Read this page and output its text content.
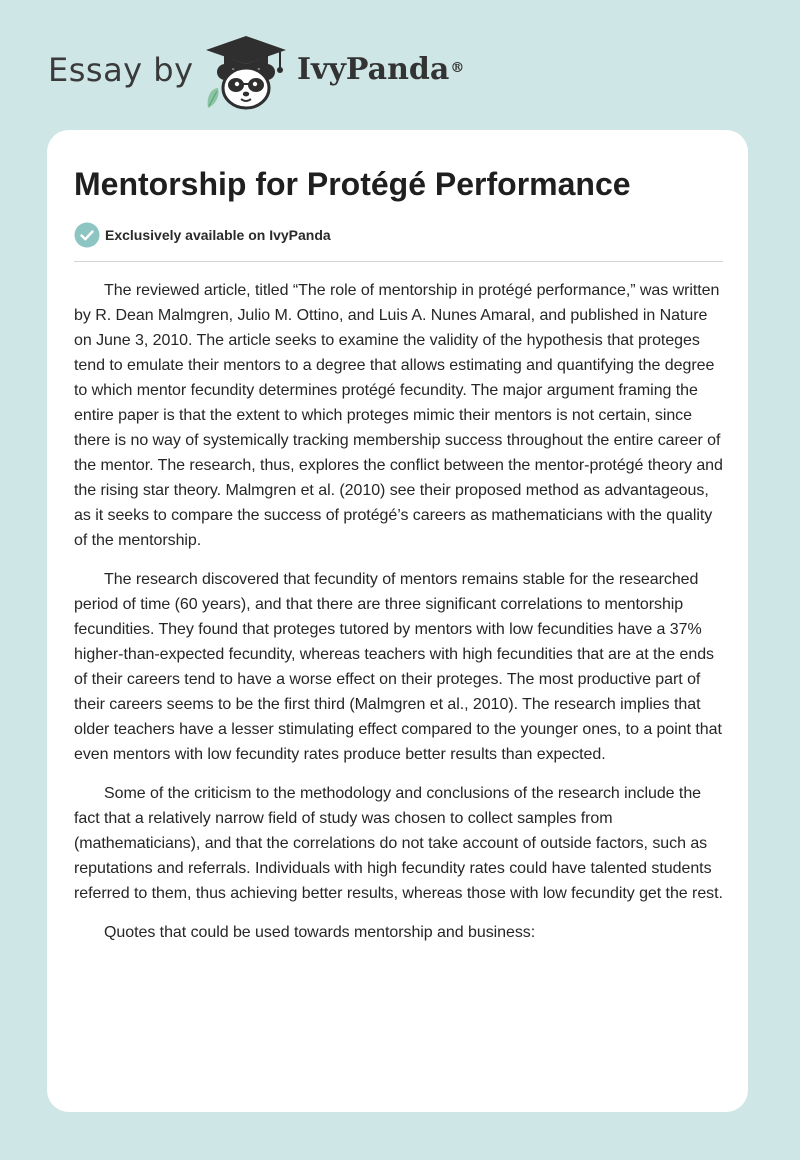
Essay by	IvyPanda®
Mentorship for Protégé Performance
Exclusively available on IvyPanda

The reviewed article, titled “The role of mentorship in protégé performance,” was written by R. Dean Malmgren, Julio M. Ottino, and Luis A. Nunes Amaral, and published in Nature on June 3, 2010. The article seeks to examine the validity of the hypothesis that proteges tend to emulate their mentors to a degree that allows estimating and quantifying the degree to which mentor fecundity determines protégé fecundity. The major argument framing the entire paper is that the extent to which proteges mimic their mentors is not certain, since there is no way of systemically tracking membership success throughout the entire career of the mentor. The research, thus, explores the conflict between the mentor-protégé theory and the rising star theory. Malmgren et al. (2010) see their proposed method as advantageous, as it seeks to compare the success of protégé’s careers as mathematicians with the quality of the mentorship.

The research discovered that fecundity of mentors remains stable for the researched period of time (60 years), and that there are three significant correlations to mentorship fecundities. They found that proteges tutored by mentors with low fecundities have a 37% higher-than-expected fecundity, whereas teachers with high fecundities that are at the ends of their careers tend to have a worse effect on their proteges. The most productive part of their careers seems to be the first third (Malmgren et al., 2010). The research implies that older teachers have a lesser stimulating effect compared to the younger ones, to a point that even mentors with low fecundity rates produce better results than expected.

Some of the criticism to the methodology and conclusions of the research include the fact that a relatively narrow field of study was chosen to collect samples from (mathematicians), and that the correlations do not take account of outside factors, such as reputations and referrals. Individuals with high fecundity rates could have talented students referred to them, thus achieving better results, whereas those with low fecundity get the rest.

Quotes that could be used towards mentorship and business:
